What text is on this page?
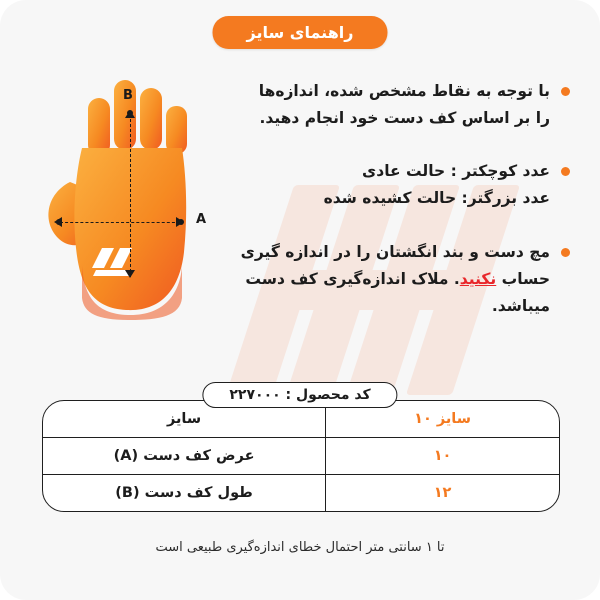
راهنمای سایز
A
B	با توجه به نقاط مشخص شده، اندازه‌ها
را بر اساس کف دست خود انجام دهید.
عدد کوچکتر : حالت عادی
عدد بزرگتر: حالت کشیده شده
مچ دست و بند انگشتان را در اندازه گیری
حساب نکنید. ملاک اندازه‌گیری کف دست میباشد.
کد محصول : ۲۲۷۰۰۰
سایز ۱۰	سایز
۱۰	عرض کف دست (A)
۱۲	طول کف دست (B)
تا ۱ سانتی متر احتمال خطای اندازه‌گیری طبیعی است
